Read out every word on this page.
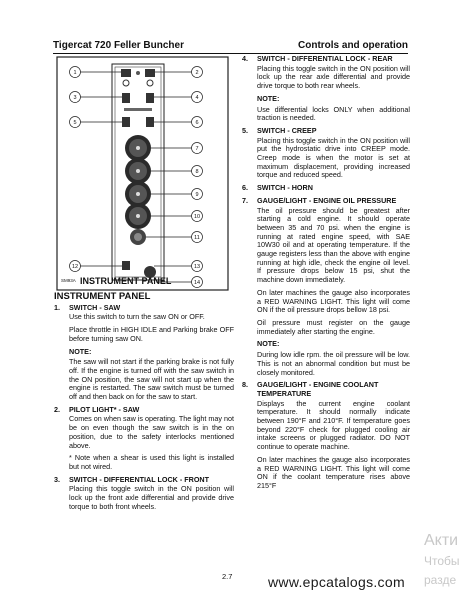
Tigercat 720 Feller Buncher	Controls and operation
1	2
3	4
5	6
7
8
9
10
11
12	13
14
SM93A INSTRUMENT PANEL
INSTRUMENT PANEL
1. SWITCH - SAW
Use this switch to turn the saw ON or OFF.
Place throttle in HIGH IDLE and Parking brake OFF before turning saw ON.
NOTE:
The saw will not start if the parking brake is not fully off. If the engine is turned off with the saw switch in the ON position, the saw will not start up when the engine is restarted. The saw switch must be turned off and then back on for the saw to start.
2. PILOT LIGHT* - SAW
Comes on when saw is operating. The light may not be on even though the saw switch is in the on position, due to the safety interlocks mentioned above.
* Note when a shear is used this light is installed but not wired.
3. SWITCH - DIFFERENTIAL LOCK - FRONT
Placing this toggle switch in the ON position will lock up the front axle differential and provide drive torque to both front wheels.
4. SWITCH - DIFFERENTIAL LOCK - REAR
Placing this toggle switch in the ON position will lock up the rear axle differential and provide drive torque to both rear wheels.
NOTE:
Use differential locks ONLY when additional traction is needed.
5. SWITCH - CREEP
Placing this toggle switch in the ON position will put the hydrostatic drive into CREEP mode. Creep mode is when the motor is set at maximum displacement, providing increased torque and reduced speed.
6. SWITCH - HORN
7. GAUGE/LIGHT - ENGINE OIL PRESSURE
The oil pressure should be greatest after starting a cold engine. It should operate between 35 and 70 psi. when the engine is running at rated engine speed, with SAE 10W30 oil and at operating temperature. If the gauge registers less than the above with engine running at high idle, check the engine oil level. If pressure drops below 15 psi, shut the machine down immediately.
On later machines the gauge also incorporates a RED WARNING LIGHT. This light will come ON if the oil pressure drops bellow 18 psi.
Oil pressure must register on the gauge immediately after starting the engine.
NOTE:
During low idle rpm. the oil pressure will be low. This is not an abnormal condition but must be closely monitored.
8. GAUGE/LIGHT - ENGINE COOLANT TEMPERATURE
Displays the current engine coolant temperature. It should normally indicate between 190°F and 210°F. If temperature goes beyond 220°F check for plugged cooling air intake screens or plugged radiator. DO NOT continue to operate machine.
On later machines the gauge also incorporates a RED WARNING LIGHT. This light will come ON if the coolant temperature rises above 215°F
2.7	www.epcatalogs.com
Акти
Чтобы
разде
